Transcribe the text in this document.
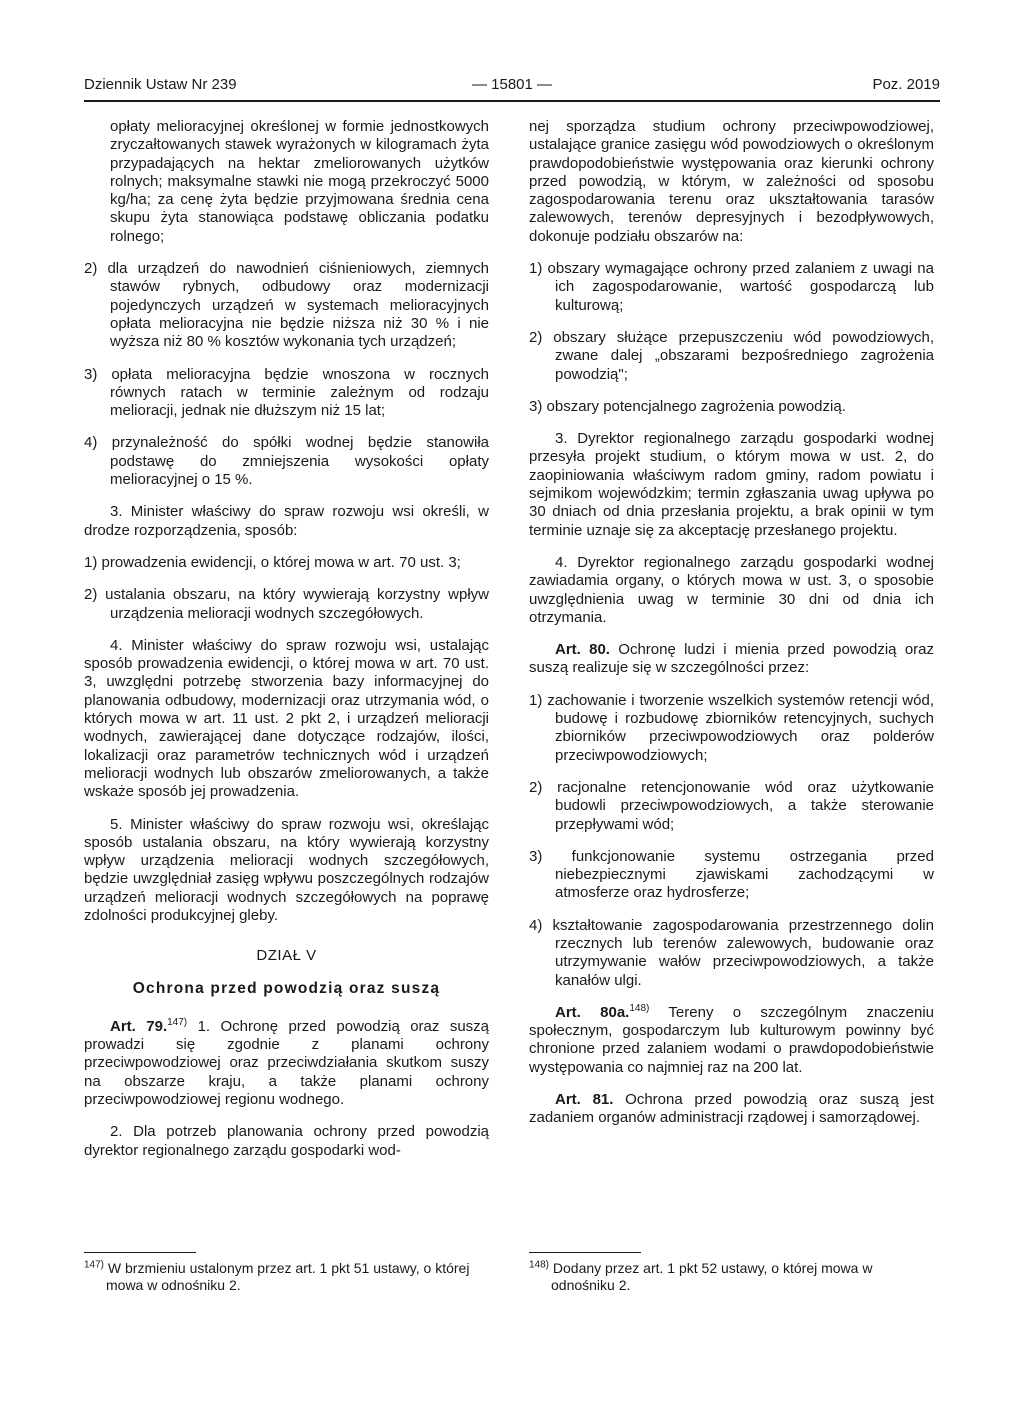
Dziennik Ustaw Nr 239	— 15801 —	Poz. 2019

opłaty melioracyjnej określonej w formie jednostkowych zryczałtowanych stawek wyrażonych w kilogramach żyta przypadających na hektar zmeliorowanych użytków rolnych; maksymalne stawki nie mogą przekroczyć 5000 kg/ha; za cenę żyta będzie przyjmowana średnia cena skupu żyta stanowiąca podstawę obliczania podatku rolnego;

2) dla urządzeń do nawodnień ciśnieniowych, ziemnych stawów rybnych, odbudowy oraz modernizacji pojedynczych urządzeń w systemach melioracyjnych opłata melioracyjna nie będzie niższa niż 30 % i nie wyższa niż 80 % kosztów wykonania tych urządzeń;

3) opłata melioracyjna będzie wnoszona w rocznych równych ratach w terminie zależnym od rodzaju melioracji, jednak nie dłuższym niż 15 lat;

4) przynależność do spółki wodnej będzie stanowiła podstawę do zmniejszenia wysokości opłaty melioracyjnej o 15 %.

3. Minister właściwy do spraw rozwoju wsi określi, w drodze rozporządzenia, sposób:

1) prowadzenia ewidencji, o której mowa w art. 70 ust. 3;

2) ustalania obszaru, na który wywierają korzystny wpływ urządzenia melioracji wodnych szczegółowych.

4. Minister właściwy do spraw rozwoju wsi, ustalając sposób prowadzenia ewidencji, o której mowa w art. 70 ust. 3, uwzględni potrzebę stworzenia bazy informacyjnej do planowania odbudowy, modernizacji oraz utrzymania wód, o których mowa w art. 11 ust. 2 pkt 2, i urządzeń melioracji wodnych, zawierającej dane dotyczące rodzajów, ilości, lokalizacji oraz parametrów technicznych wód i urządzeń melioracji wodnych lub obszarów zmeliorowanych, a także wskaże sposób jej prowadzenia.

5. Minister właściwy do spraw rozwoju wsi, określając sposób ustalania obszaru, na który wywierają korzystny wpływ urządzenia melioracji wodnych szczegółowych, będzie uwzględniał zasięg wpływu poszczególnych rodzajów urządzeń melioracji wodnych szczegółowych na poprawę zdolności produkcyjnej gleby.

DZIAŁ V

Ochrona przed powodzią oraz suszą

Art. 79.$^{147)}$ 1. Ochronę przed powodzią oraz suszą prowadzi się zgodnie z planami ochrony przeciwpowodziowej oraz przeciwdziałania skutkom suszy na obszarze kraju, a także planami ochrony przeciwpowodziowej regionu wodnego.

2. Dla potrzeb planowania ochrony przed powodzią dyrektor regionalnego zarządu gospodarki wod-

nej sporządza studium ochrony przeciwpowodziowej, ustalające granice zasięgu wód powodziowych o określonym prawdopodobieństwie występowania oraz kierunki ochrony przed powodzią, w którym, w zależności od sposobu zagospodarowania terenu oraz ukształtowania tarasów zalewowych, terenów depresyjnych i bezodpływowych, dokonuje podziału obszarów na:

1) obszary wymagające ochrony przed zalaniem z uwagi na ich zagospodarowanie, wartość gospodarczą lub kulturową;

2) obszary służące przepuszczeniu wód powodziowych, zwane dalej „obszarami bezpośredniego zagrożenia powodzią";

3) obszary potencjalnego zagrożenia powodzią.

3. Dyrektor regionalnego zarządu gospodarki wodnej przesyła projekt studium, o którym mowa w ust. 2, do zaopiniowania właściwym radom gminy, radom powiatu i sejmikom wojewódzkim; termin zgłaszania uwag upływa po 30 dniach od dnia przesłania projektu, a brak opinii w tym terminie uznaje się za akceptację przesłanego projektu.

4. Dyrektor regionalnego zarządu gospodarki wodnej zawiadamia organy, o których mowa w ust. 3, o sposobie uwzględnienia uwag w terminie 30 dni od dnia ich otrzymania.

Art. 80. Ochronę ludzi i mienia przed powodzią oraz suszą realizuje się w szczególności przez:

1) zachowanie i tworzenie wszelkich systemów retencji wód, budowę i rozbudowę zbiorników retencyjnych, suchych zbiorników przeciwpowodziowych oraz polderów przeciwpowodziowych;

2) racjonalne retencjonowanie wód oraz użytkowanie budowli przeciwpowodziowych, a także sterowanie przepływami wód;

3) funkcjonowanie systemu ostrzegania przed niebezpiecznymi zjawiskami zachodzącymi w atmosferze oraz hydrosferze;

4) kształtowanie zagospodarowania przestrzennego dolin rzecznych lub terenów zalewowych, budowanie oraz utrzymywanie wałów przeciwpowodziowych, a także kanałów ulgi.

Art. 80a.$^{148)}$ Tereny o szczególnym znaczeniu społecznym, gospodarczym lub kulturowym powinny być chronione przed zalaniem wodami o prawdopodobieństwie występowania co najmniej raz na 200 lat.

Art. 81. Ochrona przed powodzią oraz suszą jest zadaniem organów administracji rządowej i samorządowej.

$^{147)}$ W brzmieniu ustalonym przez art. 1 pkt 51 ustawy, o której mowa w odnośniku 2.
$^{148)}$ Dodany przez art. 1 pkt 52 ustawy, o której mowa w odnośniku 2.
